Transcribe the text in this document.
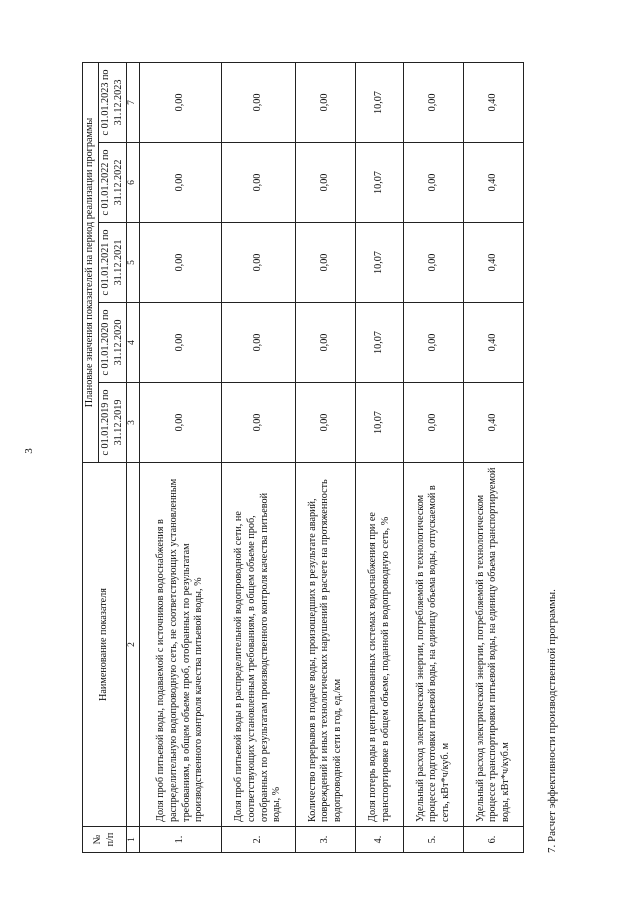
3
№ п/п	Наименование показателя	Плановые значения показателей на период реализации программы				
		с 01.01.2019 по 31.12.2019	с 01.01.2020 по 31.12.2020	с 01.01.2021 по 31.12.2021	с 01.01.2022 по 31.12.2022	с 01.01.2023 по 31.12.2023
1	2	3	4	5	6	7
1.	Доля проб питьевой воды, подаваемой с источников водоснабжения в распределительную водопроводную сеть, не соответствующих установленным требованиям, в общем объеме проб, отобранных по результатам производственного контроля качества питьевой воды, %	0,00	0,00	0,00	0,00	0,00
2.	Доля проб питьевой воды в распределительной водопроводной сети, не соответствующих установленным требованиям, в общем объеме проб, отобранных по результатам производственного контроля качества питьевой воды, %	0,00	0,00	0,00	0,00	0,00
3.	Количество перерывов в подаче воды, произошедших в результате аварий, повреждений и иных технологических нарушений в расчете на протяженность водопроводной сети в год, ед./км	0,00	0,00	0,00	0,00	0,00
4.	Доля потерь воды в централизованных системах водоснабжения при ее транспортировке в общем объеме, поданной в водопроводную сеть, %	10,07	10,07	10,07	10,07	10,07
5.	Удельный расход электрической энергии, потребляемой в технологическом процессе подготовки питьевой воды, на единицу объема воды, отпускаемой в сеть, кВт*ч/куб. м	0,00	0,00	0,00	0,00	0,00
6.	Удельный расход электрической энергии, потребляемой в технологическом процессе транспортировки питьевой воды, на единицу объема транспортируемой воды, кВт*ч/куб.м	0,40	0,40	0,40	0,40	0,40
7. Расчет эффективности производственной программы.
